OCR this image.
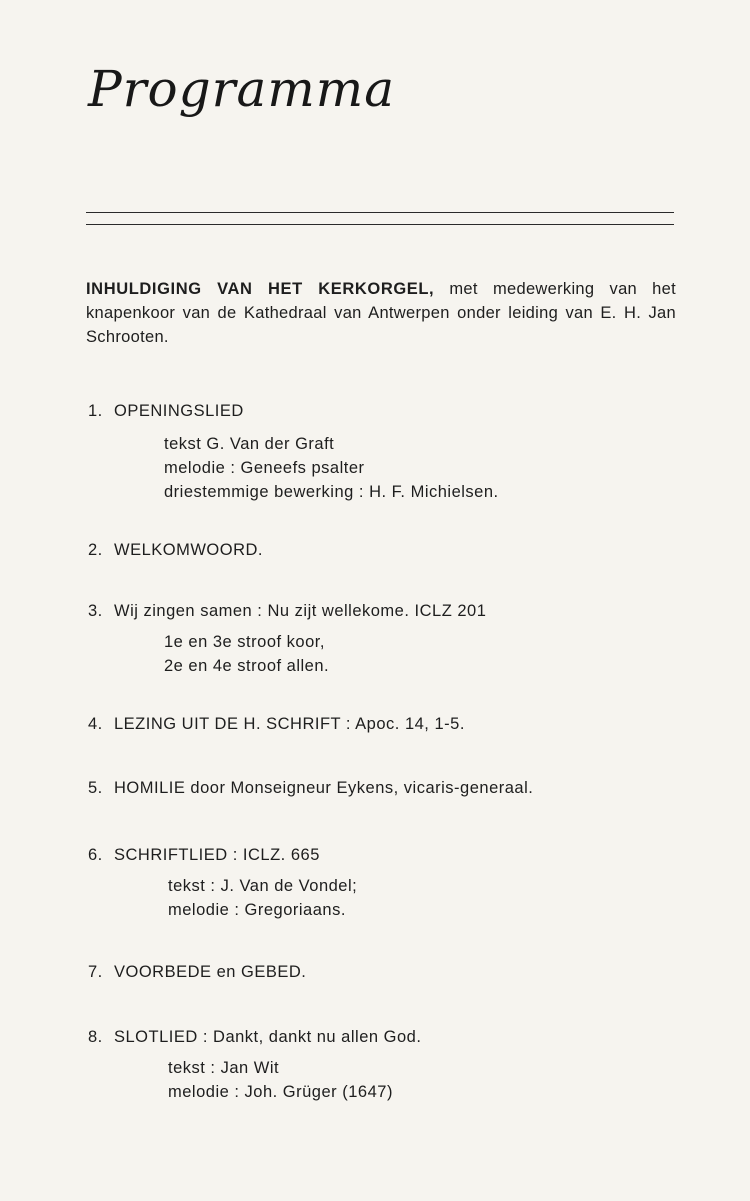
Programma

INHULDIGING VAN HET KERKORGEL, met medewerking van het knapenkoor van de Kathedraal van Antwerpen onder leiding van E. H. Jan Schrooten.

1. OPENINGSLIED
tekst G. Van der Graft
melodie : Geneefs psalter
driestemmige bewerking : H. F. Michielsen.
2. WELKOMWOORD.
3. Wij zingen samen : Nu zijt wellekome. ICLZ 201
1e en 3e stroof koor,
2e en 4e stroof allen.
4. LEZING UIT DE H. SCHRIFT : Apoc. 14, 1-5.
5. HOMILIE door Monseigneur Eykens, vicaris-generaal.
6. SCHRIFTLIED : ICLZ. 665
tekst : J. Van de Vondel;
melodie : Gregoriaans.
7. VOORBEDE en GEBED.
8. SLOTLIED : Dankt, dankt nu allen God.
tekst : Jan Wit
melodie : Joh. Grüger (1647)
